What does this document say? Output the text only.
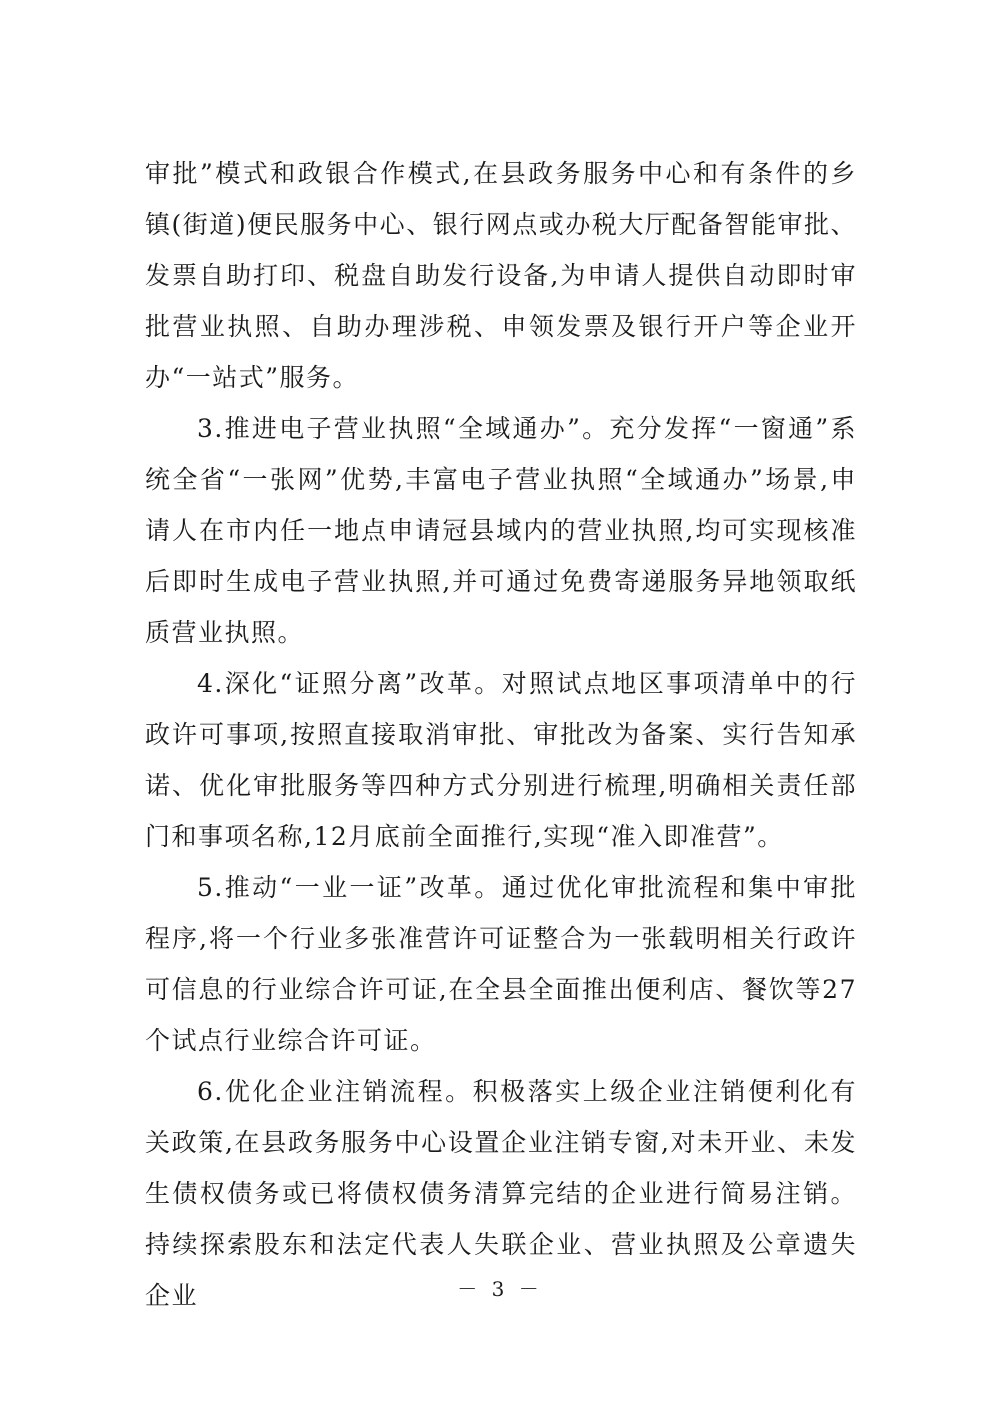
审批”模式和政银合作模式,在县政务服务中心和有条件的乡镇(街道)便民服务中心、银行网点或办税大厅配备智能审批、发票自助打印、税盘自助发行设备,为申请人提供自动即时审批营业执照、自助办理涉税、申领发票及银行开户等企业开办“一站式”服务。

3.推进电子营业执照“全域通办”。充分发挥“一窗通”系统全省“一张网”优势,丰富电子营业执照“全域通办”场景,申请人在市内任一地点申请冠县域内的营业执照,均可实现核准后即时生成电子营业执照,并可通过免费寄递服务异地领取纸质营业执照。

4.深化“证照分离”改革。对照试点地区事项清单中的行政许可事项,按照直接取消审批、审批改为备案、实行告知承诺、优化审批服务等四种方式分别进行梳理,明确相关责任部门和事项名称,12月底前全面推行,实现“准入即准营”。

5.推动“一业一证”改革。通过优化审批流程和集中审批程序,将一个行业多张准营许可证整合为一张载明相关行政许可信息的行业综合许可证,在全县全面推出便利店、餐饮等27个试点行业综合许可证。

6.优化企业注销流程。积极落实上级企业注销便利化有关政策,在县政务服务中心设置企业注销专窗,对未开业、未发生债权债务或已将债权债务清算完结的企业进行简易注销。持续探索股东和法定代表人失联企业、营业执照及公章遗失企业	－ 3 －
